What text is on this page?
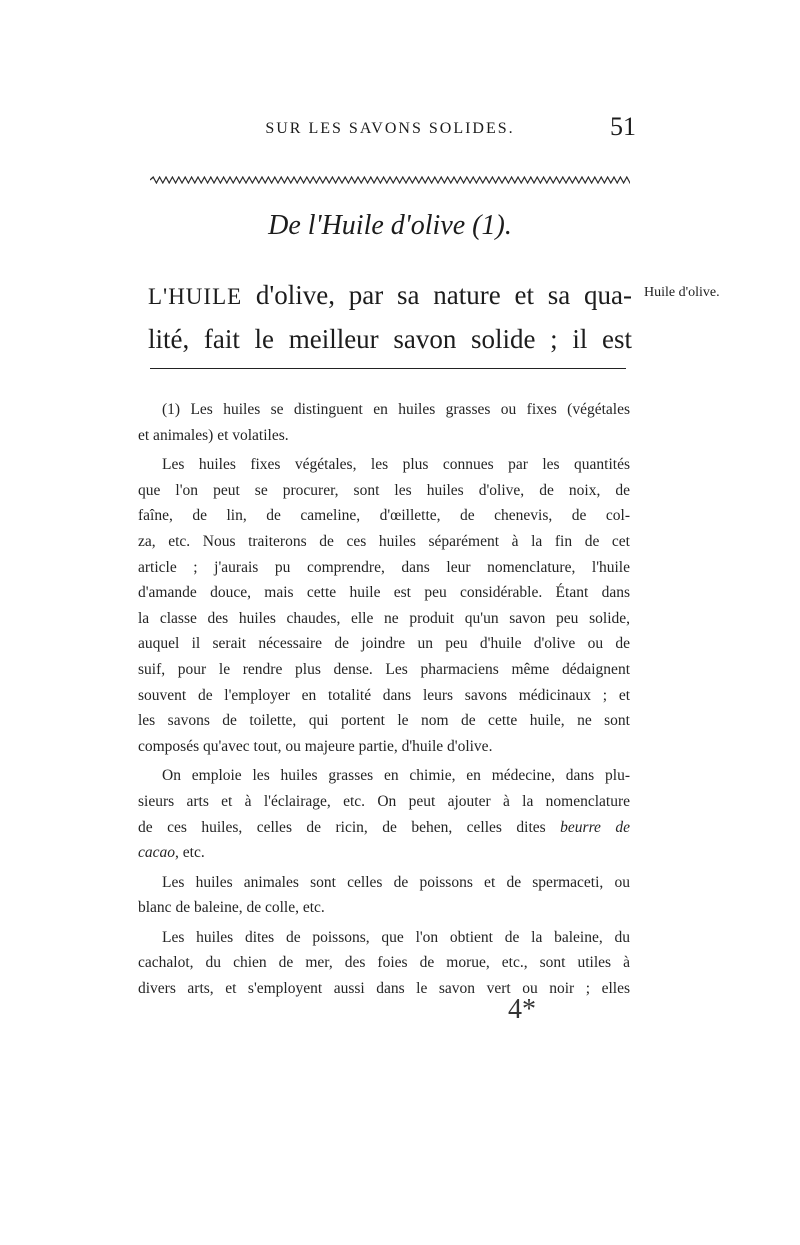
SUR LES SAVONS SOLIDES.	51
De l'Huile d'olive (1).

L'HUILE d'olive, par sa nature et sa qua-
lité, fait le meilleur savon solide ; il est

Huile d'olive.

(1) Les huiles se distinguent en huiles grasses ou fixes (végétales
et animales) et volatiles.

Les huiles fixes végétales, les plus connues par les quantités
que l'on peut se procurer, sont les huiles d'olive, de noix, de
faîne, de lin, de cameline, d'œillette, de chenevis, de col-
za, etc. Nous traiterons de ces huiles séparément à la fin de cet
article ; j'aurais pu comprendre, dans leur nomenclature, l'huile
d'amande douce, mais cette huile est peu considérable. Étant dans
la classe des huiles chaudes, elle ne produit qu'un savon peu solide,
auquel il serait nécessaire de joindre un peu d'huile d'olive ou de
suif, pour le rendre plus dense. Les pharmaciens même dédaignent
souvent de l'employer en totalité dans leurs savons médicinaux ; et
les savons de toilette, qui portent le nom de cette huile, ne sont
composés qu'avec tout, ou majeure partie, d'huile d'olive.

On emploie les huiles grasses en chimie, en médecine, dans plu-
sieurs arts et à l'éclairage, etc. On peut ajouter à la nomenclature
de ces huiles, celles de ricin, de behen, celles dites beurre de
cacao, etc.

Les huiles animales sont celles de poissons et de spermaceti, ou
blanc de baleine, de colle, etc.

Les huiles dites de poissons, que l'on obtient de la baleine, du
cachalot, du chien de mer, des foies de morue, etc., sont utiles à
divers arts, et s'employent aussi dans le savon vert ou noir ; elles

4*
